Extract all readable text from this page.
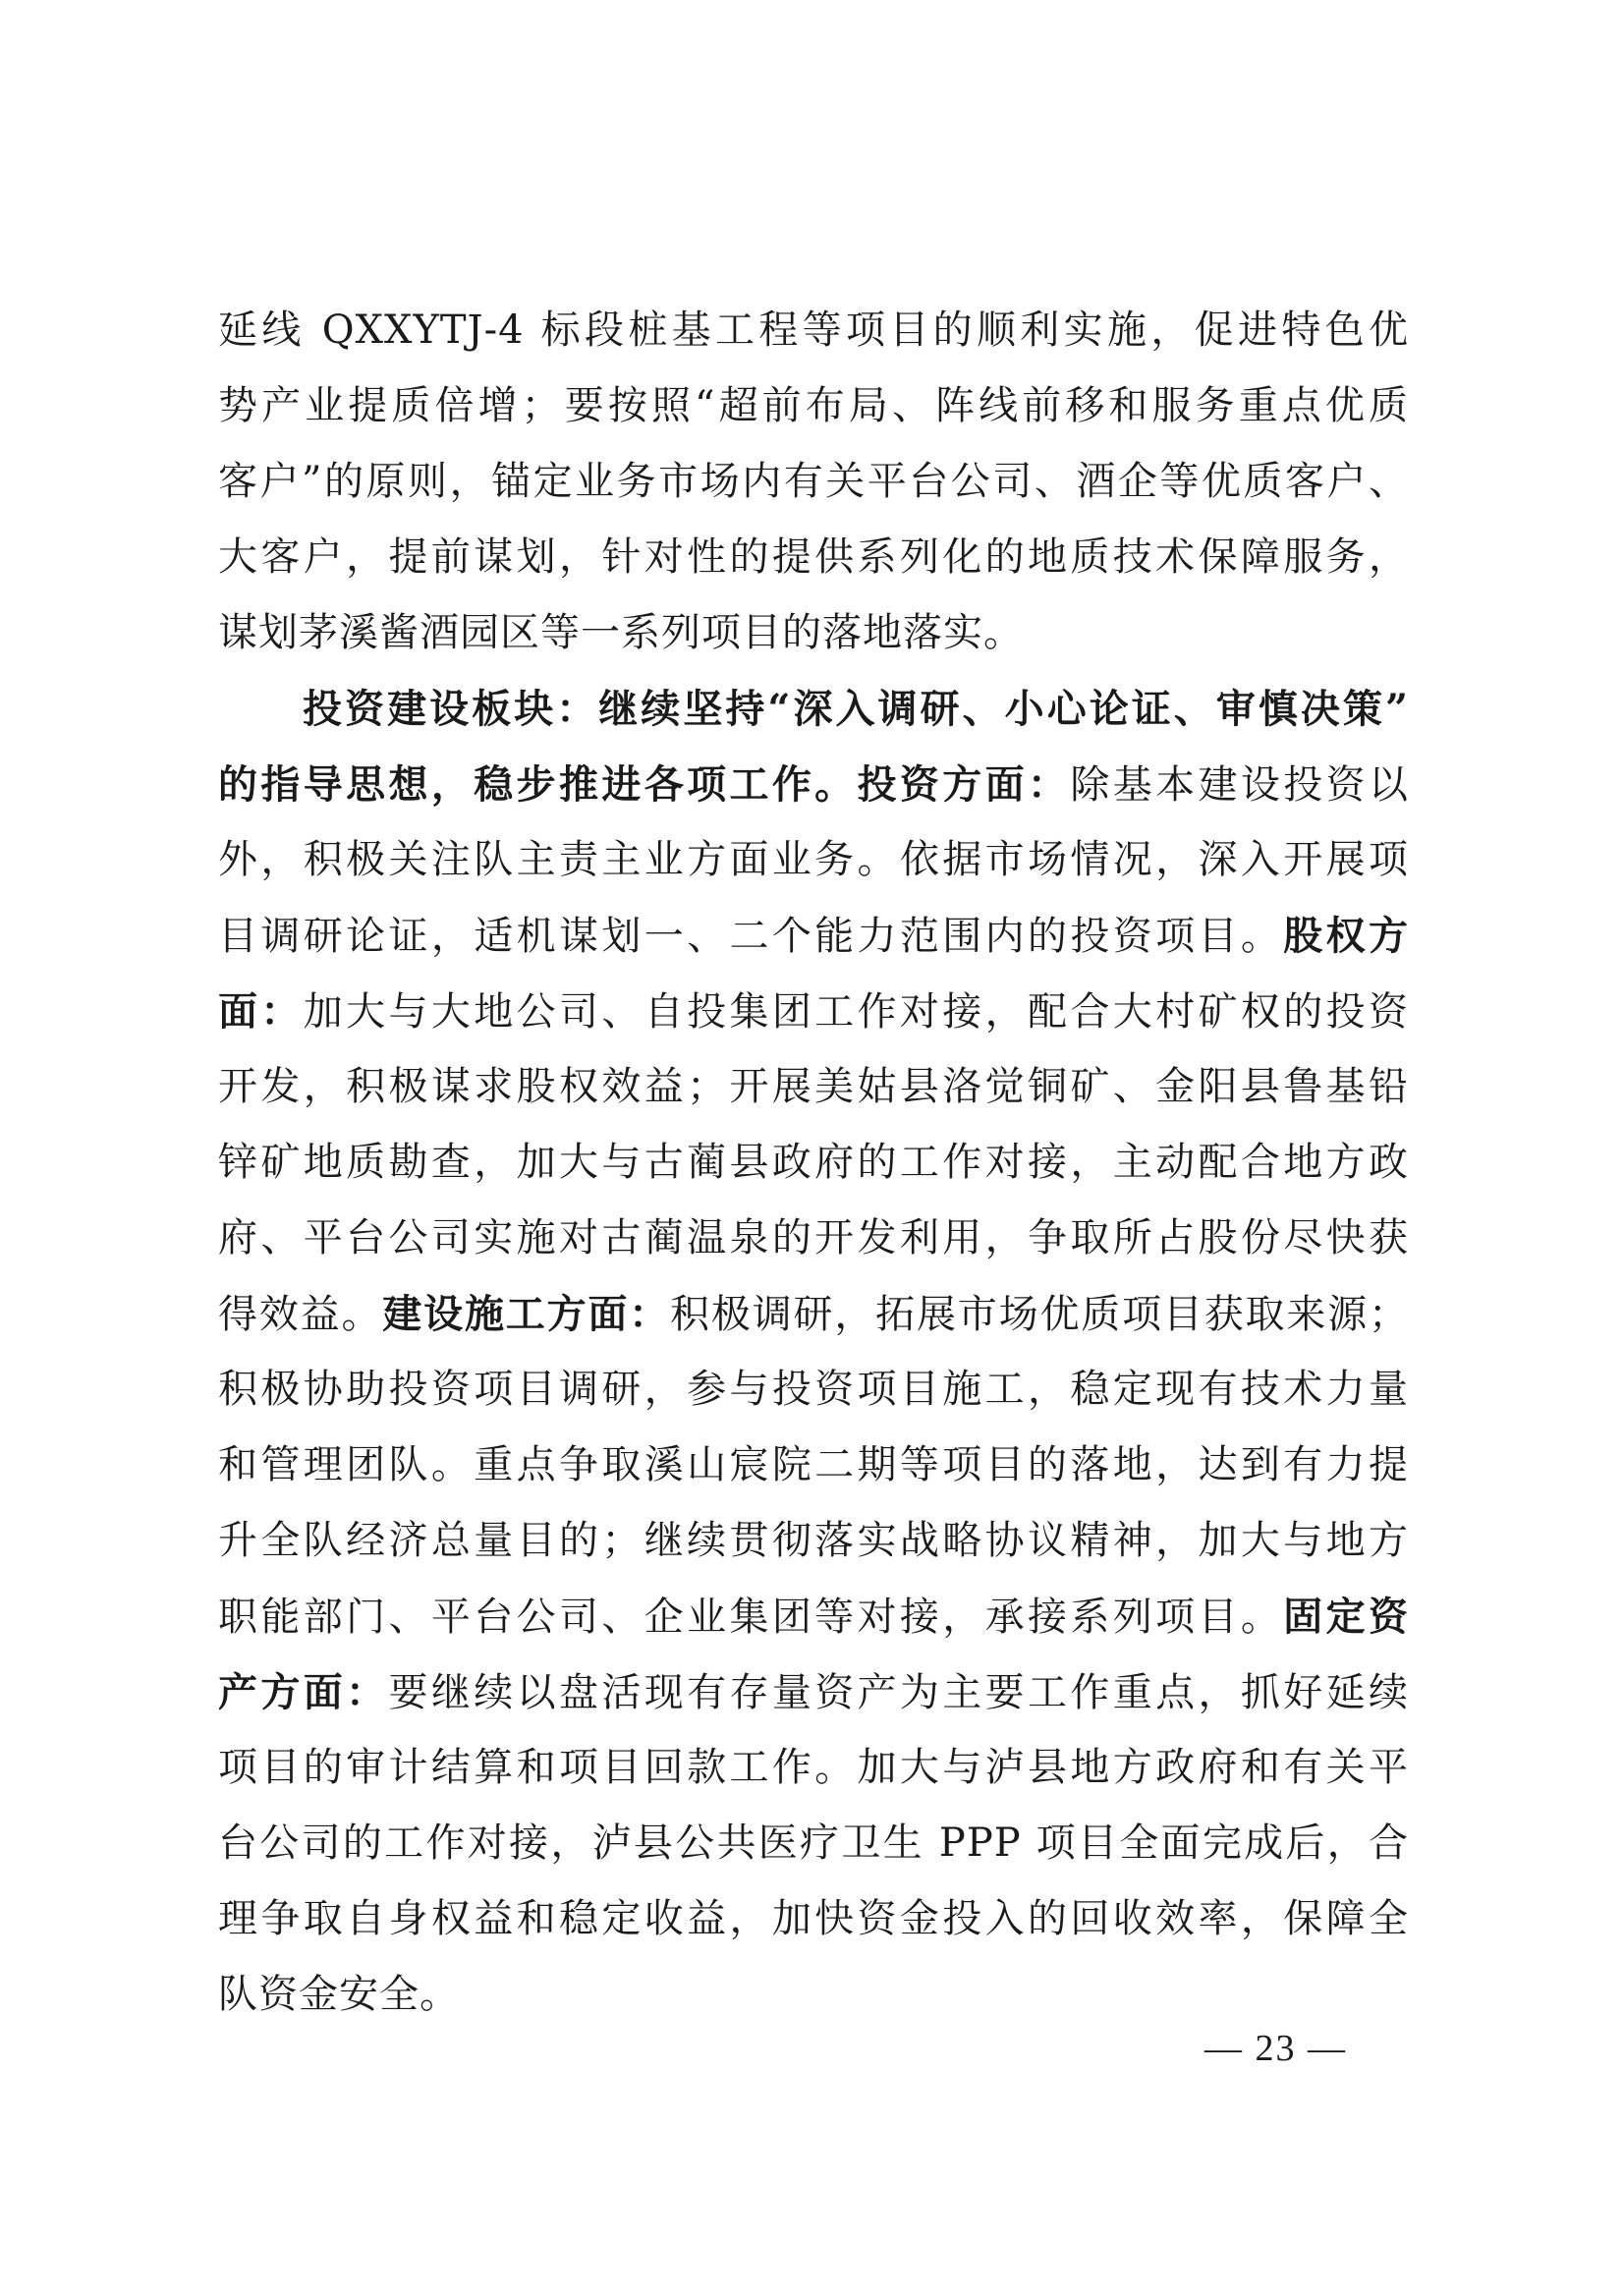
延线 QXXYTJ-4 标段桩基工程等项目的顺利实施，促进特色优
势产业提质倍增；要按照“超前布局、阵线前移和服务重点优质
客户”的原则，锚定业务市场内有关平台公司、酒企等优质客户、
大客户，提前谋划，针对性的提供系列化的地质技术保障服务，
谋划茅溪酱酒园区等一系列项目的落地落实。
投资建设板块：继续坚持“深入调研、小心论证、审慎决策”
的指导思想，稳步推进各项工作。投资方面：除基本建设投资以
外，积极关注队主责主业方面业务。依据市场情况，深入开展项
目调研论证，适机谋划一、二个能力范围内的投资项目。股权方
面：加大与大地公司、自投集团工作对接，配合大村矿权的投资
开发，积极谋求股权效益；开展美姑县洛觉铜矿、金阳县鲁基铅
锌矿地质勘查，加大与古蔺县政府的工作对接，主动配合地方政
府、平台公司实施对古蔺温泉的开发利用，争取所占股份尽快获
得效益。建设施工方面：积极调研，拓展市场优质项目获取来源；
积极协助投资项目调研，参与投资项目施工，稳定现有技术力量
和管理团队。重点争取溪山宸院二期等项目的落地，达到有力提
升全队经济总量目的；继续贯彻落实战略协议精神，加大与地方
职能部门、平台公司、企业集团等对接，承接系列项目。固定资
产方面：要继续以盘活现有存量资产为主要工作重点，抓好延续
项目的审计结算和项目回款工作。加大与泸县地方政府和有关平
台公司的工作对接，泸县公共医疗卫生 PPP 项目全面完成后，合
理争取自身权益和稳定收益，加快资金投入的回收效率，保障全
队资金安全。
— 23 —
